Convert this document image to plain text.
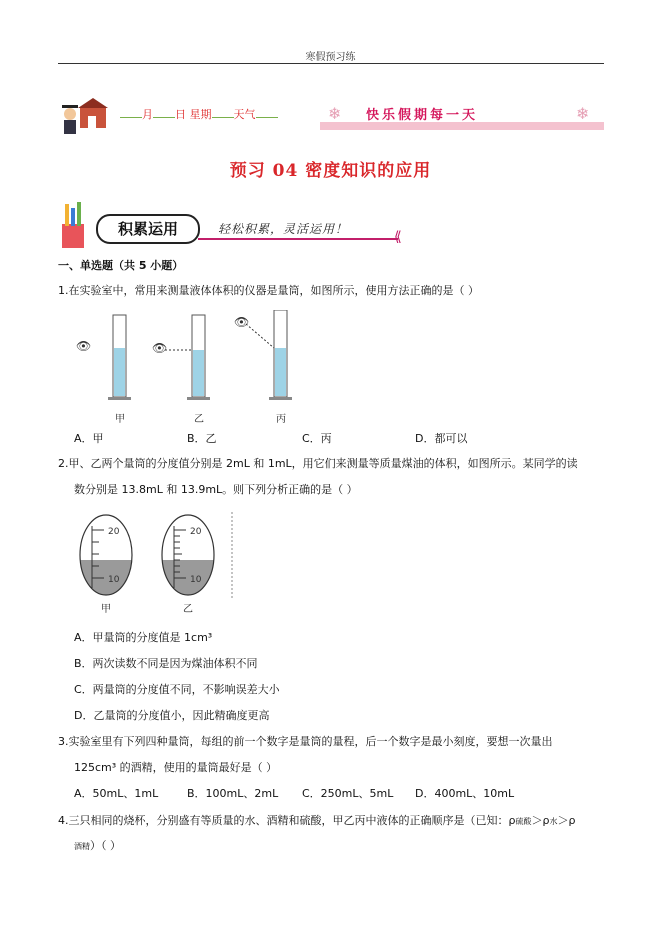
寒假预习练
月 日 星期 天气	❄ 快乐假期每一天	❄
预习 04 密度知识的应用
积累运用	轻松积累，灵活运用！	⟪
一、单选题（共 5 小题）
1.在实验室中，常用来测量液体体积的仪器是量筒，如图所示，使用方法正确的是（ ）
👁	👁
👁
甲	乙	丙
A．甲	B．乙	C．丙	D．都可以
2.甲、乙两个量筒的分度值分别是 2mL 和 1mL，用它们来测量等质量煤油的体积，如图所示。某同学的读
数分别是 13.8mL 和 13.9mL。则下列分析正确的是（ ）
20
10
20
10
甲	乙
A．甲量筒的分度值是 1cm³
B．两次读数不同是因为煤油体积不同
C．两量筒的分度值不同，不影响误差大小
D．乙量筒的分度值小，因此精确度更高
3.实验室里有下列四种量筒，每组的前一个数字是量筒的量程，后一个数字是最小刻度，要想一次量出
125cm³ 的酒精，使用的量筒最好是（ ）
A．50mL、1mL	B．100mL、2mL C．250mL、5mL D．400mL、10mL
4.三只相同的烧杯，分别盛有等质量的水、酒精和硫酸，甲乙丙中液体的正确顺序是（已知：ρ硫酸＞ρ水＞ρ
酒精）（ ）
